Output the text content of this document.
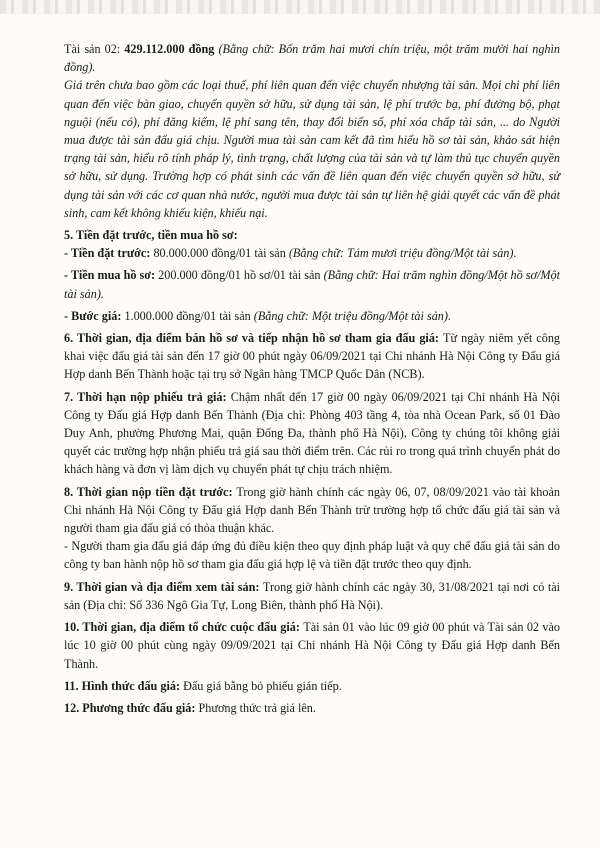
Tài sản 02: 429.112.000 đồng (Bằng chữ: Bốn trăm hai mươi chín triệu, một trăm mười hai nghìn đồng).

Giá trên chưa bao gồm các loại thuế, phí liên quan đến việc chuyển nhượng tài sản. Mọi chi phí liên quan đến việc bàn giao, chuyển quyền sở hữu, sử dụng tài sản, lệ phí trước bạ, phí đường bộ, phạt nguội (nếu có), phí đăng kiểm, lệ phí sang tên, thay đổi biển số, phí xóa chấp tài sản, ... do Người mua được tài sản đấu giá chịu. Người mua tài sản cam kết đã tìm hiểu hồ sơ tài sản, khảo sát hiện trạng tài sản, hiểu rõ tính pháp lý, tình trạng, chất lượng của tài sản và tự làm thủ tục chuyển quyền sở hữu, sử dụng. Trường hợp có phát sinh các vấn đề liên quan đến việc chuyển quyền sở hữu, sử dụng tài sản với các cơ quan nhà nước, người mua được tài sản tự liên hệ giải quyết các vấn đề phát sinh, cam kết không khiếu kiện, khiếu nại.

5. Tiền đặt trước, tiền mua hồ sơ:

- Tiền đặt trước: 80.000.000 đồng/01 tài sản (Bằng chữ: Tám mươi triệu đồng/Một tài sản).

- Tiền mua hồ sơ: 200.000 đồng/01 hồ sơ/01 tài sản (Bằng chữ: Hai trăm nghìn đồng/Một hồ sơ/Một tài sản).

- Bước giá: 1.000.000 đồng/01 tài sản (Bằng chữ: Một triệu đồng/Một tài sản).

6. Thời gian, địa điểm bán hồ sơ và tiếp nhận hồ sơ tham gia đấu giá: Từ ngày niêm yết công khai việc đấu giá tài sản đến 17 giờ 00 phút ngày 06/09/2021 tại Chi nhánh Hà Nội Công ty Đấu giá Hợp danh Bến Thành hoặc tại trụ sở Ngân hàng TMCP Quốc Dân (NCB).

7. Thời hạn nộp phiếu trả giá: Chậm nhất đến 17 giờ 00 ngày 06/09/2021 tại Chi nhánh Hà Nội Công ty Đấu giá Hợp danh Bến Thành (Địa chỉ: Phòng 403 tầng 4, tòa nhà Ocean Park, số 01 Đào Duy Anh, phường Phương Mai, quận Đống Đa, thành phố Hà Nội), Công ty chúng tôi không giải quyết các trường hợp nhận phiếu trả giá sau thời điểm trên. Các rủi ro trong quá trình chuyển phát do khách hàng và đơn vị làm dịch vụ chuyển phát tự chịu trách nhiệm.

8. Thời gian nộp tiền đặt trước: Trong giờ hành chính các ngày 06, 07, 08/09/2021 vào tài khoản Chi nhánh Hà Nội Công ty Đấu giá Hợp danh Bến Thành trừ trường hợp tổ chức đấu giá tài sản và người tham gia đấu giá có thỏa thuận khác.

- Người tham gia đấu giá đáp ứng đủ điều kiện theo quy định pháp luật và quy chế đấu giá tài sản do công ty ban hành nộp hồ sơ tham gia đấu giá hợp lệ và tiền đặt trước theo quy định.

9. Thời gian và địa điểm xem tài sản: Trong giờ hành chính các ngày 30, 31/08/2021 tại nơi có tài sản (Địa chỉ: Số 336 Ngô Gia Tự, Long Biên, thành phố Hà Nội).

10. Thời gian, địa điểm tổ chức cuộc đấu giá: Tài sản 01 vào lúc 09 giờ 00 phút và Tài sản 02 vào lúc 10 giờ 00 phút cùng ngày 09/09/2021 tại Chi nhánh Hà Nội Công ty Đấu giá Hợp danh Bến Thành.

11. Hình thức đấu giá: Đấu giá bằng bỏ phiếu gián tiếp.

12. Phương thức đấu giá: Phương thức trả giá lên.
